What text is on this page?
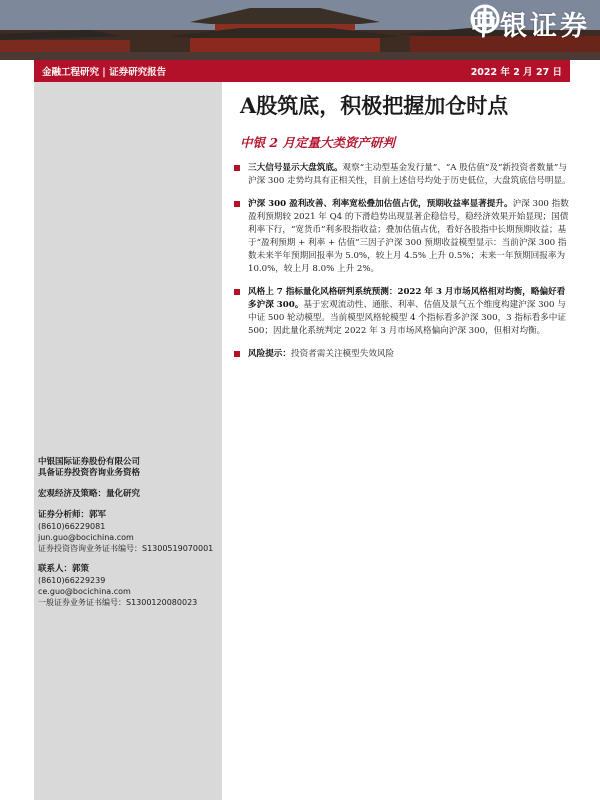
中银证券
金融工程研究 | 证券研究报告	2022 年 2 月 27 日
中银国际证券股份有限公司
具备证券投资咨询业务资格
宏观经济及策略：量化研究
证券分析师：郭军
(8610)66229081
jun.guo@bocichina.com
证券投资咨询业务证书编号：S1300519070001
联系人：郭策
(8610)66229239
ce.guo@bocichina.com
一般证券业务证书编号：S1300120080023
A股筑底，积极把握加仓时点
中银 2 月定量大类资产研判
三大信号显示大盘筑底。观察“主动型基金发行量”、“A 股估值”及“新投资者数量”与沪深 300 走势均具有正相关性，目前上述信号均处于历史低位，大盘筑底信号明显。
沪深 300 盈利改善、利率宽松叠加估值占优，预期收益率显著提升。沪深 300 指数盈利预期较 2021 年 Q4 的下滑趋势出现显著企稳信号，稳经济效果开始显现；国债利率下行，“宽货币”利多股指收益；叠加估值占优，看好各股指中长期预期收益；基于“盈利预期 + 利率 + 估值”三因子沪深 300 预期收益模型显示：当前沪深 300 指数未来半年预期回报率为 5.0%，较上月 4.5% 上升 0.5%；未来一年预期回报率为 10.0%，较上月 8.0% 上升 2%。
风格上 7 指标量化风格研判系统预测：2022 年 3 月市场风格相对均衡，略偏好看多沪深 300。基于宏观流动性、通胀、利率、估值及景气五个维度构建沪深 300 与中证 500 轮动模型。当前模型风格轮模型 4 个指标看多沪深 300，3 指标看多中证 500；因此量化系统判定 2022 年 3 月市场风格偏向沪深 300，但相对均衡。
风险提示：投资者需关注模型失效风险
